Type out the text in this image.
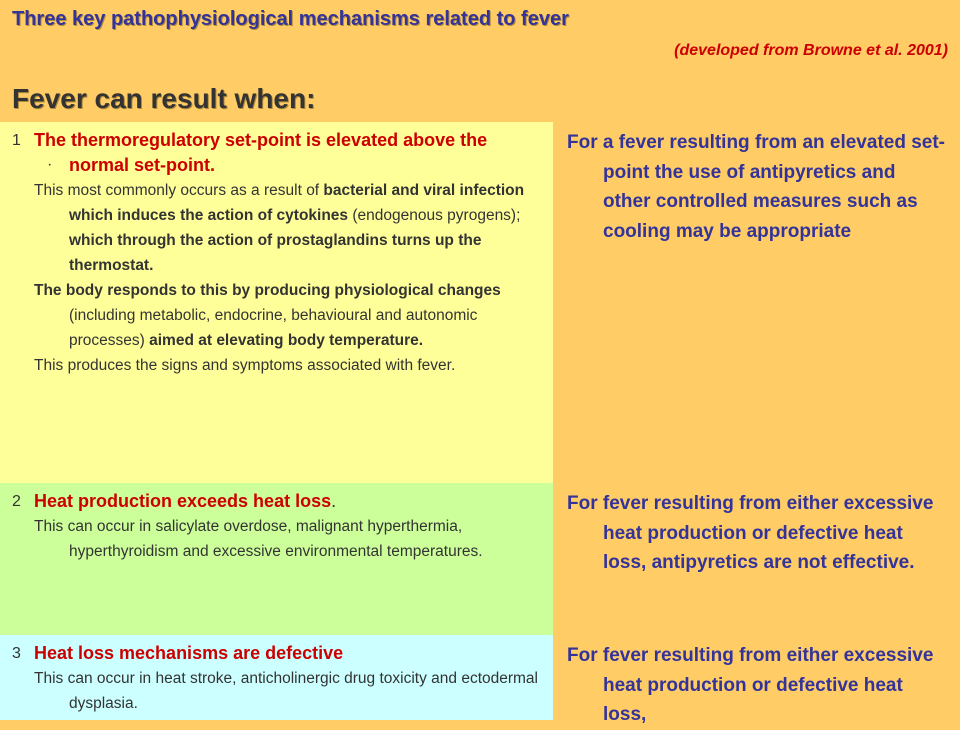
Three key pathophysiological mechanisms related to fever
(developed from Browne et al. 2001)
Fever can result when:
1
·
The thermoregulatory set-point is elevated above the normal set-point.
This most commonly occurs as a result of bacterial and viral infection which induces the action of cytokines (endogenous pyrogens); which through the action of prostaglandins turns up the thermostat.
The body responds to this by producing physiological changes (including metabolic, endocrine, behavioural and autonomic processes) aimed at elevating body temperature.
This produces the signs and symptoms associated with fever.
For a fever resulting from an elevated set-point the use of antipyretics and other controlled measures such as cooling may be appropriate
2 Heat production exceeds heat loss.
This can occur in salicylate overdose, malignant hyperthermia, hyperthyroidism and excessive environmental temperatures.
For fever resulting from either excessive heat production or defective heat loss, antipyretics are not effective.
3 Heat loss mechanisms are defective
This can occur in heat stroke, anticholinergic drug toxicity and ectodermal dysplasia.
For fever resulting from either excessive heat production or defective heat loss,
